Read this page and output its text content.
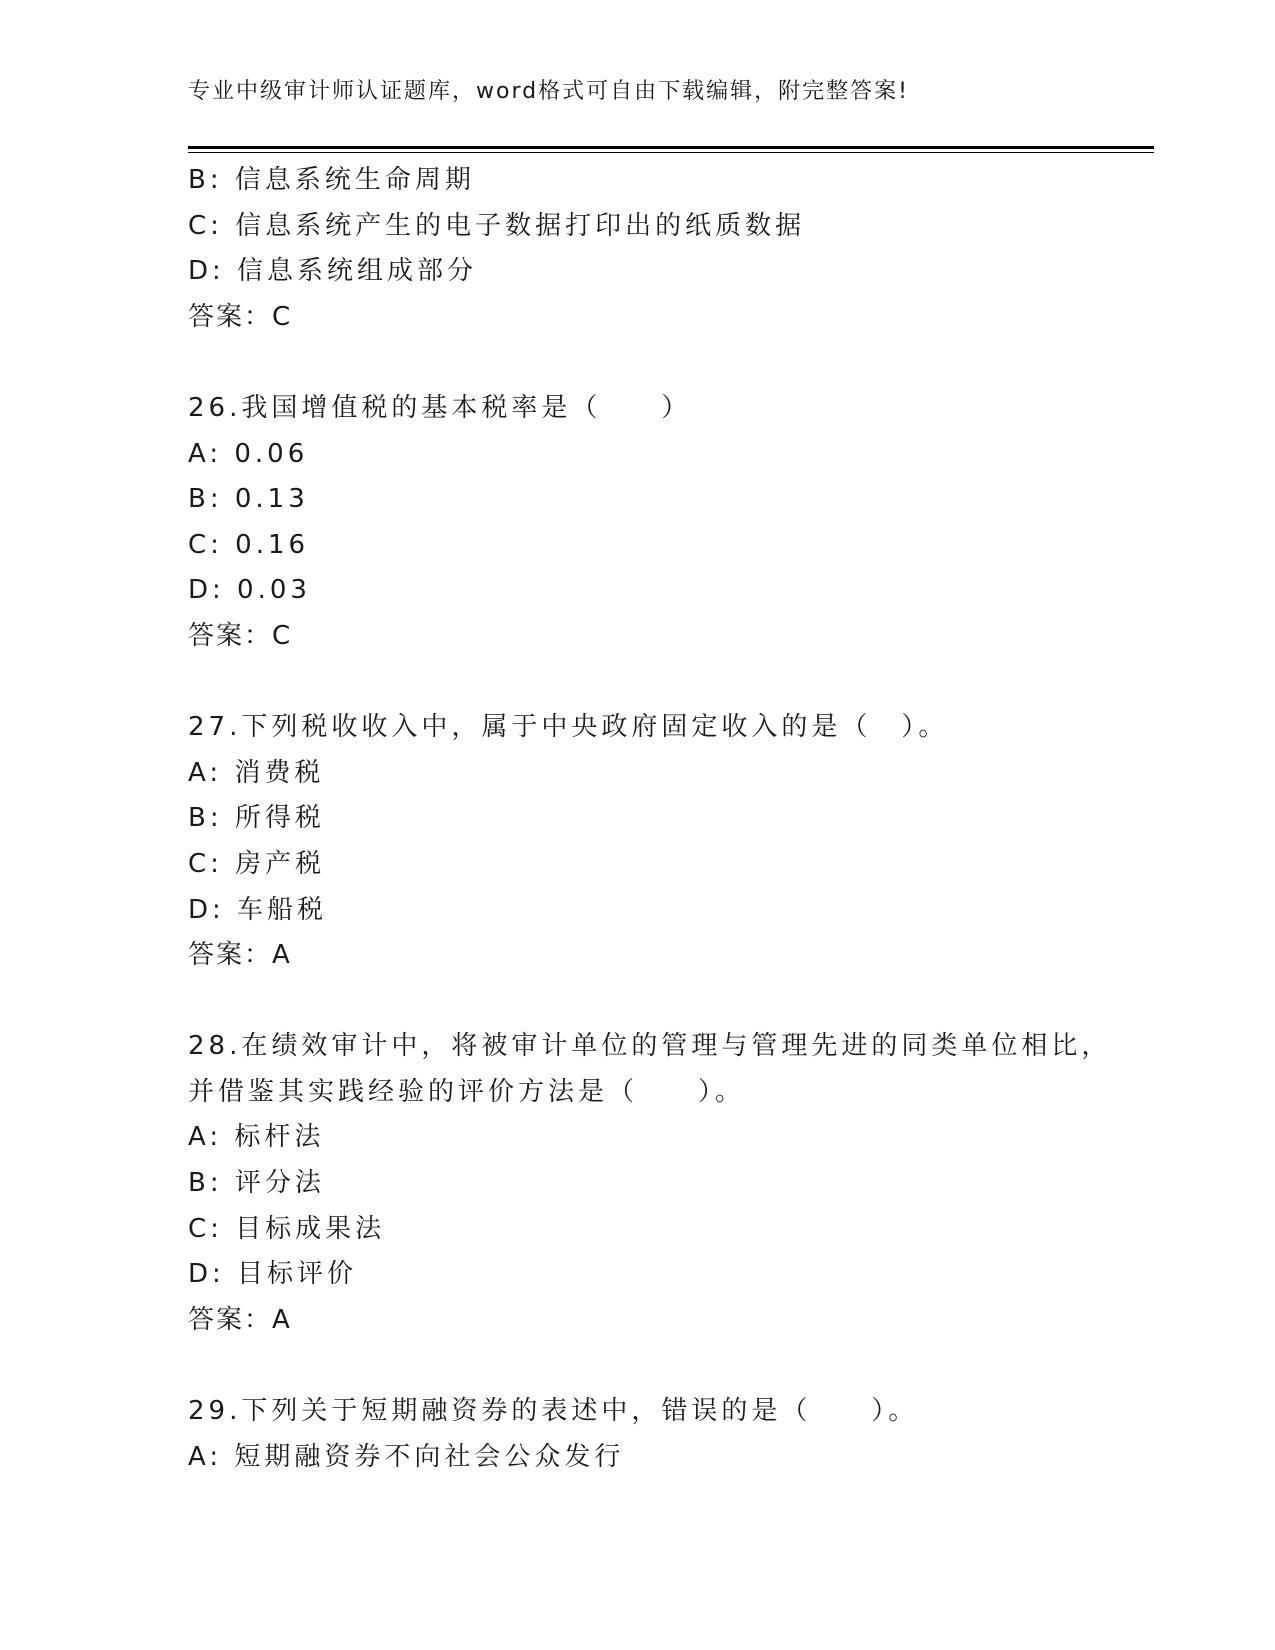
专业中级审计师认证题库，word格式可自由下载编辑，附完整答案!
B: 信息系统生命周期
C: 信息系统产生的电子数据打印出的纸质数据
D: 信息系统组成部分
答案：C
26.我国增值税的基本税率是（　　）
A: 0.06
B: 0.13
C: 0.16
D: 0.03
答案：C
27.下列税收收入中，属于中央政府固定收入的是（　）。
A: 消费税
B: 所得税
C: 房产税
D: 车船税
答案：A
28.在绩效审计中，将被审计单位的管理与管理先进的同类单位相比，
并借鉴其实践经验的评价方法是（　　）。
A: 标杆法
B: 评分法
C: 目标成果法
D: 目标评价
答案：A
29.下列关于短期融资券的表述中，错误的是（　　）。
A: 短期融资券不向社会公众发行
